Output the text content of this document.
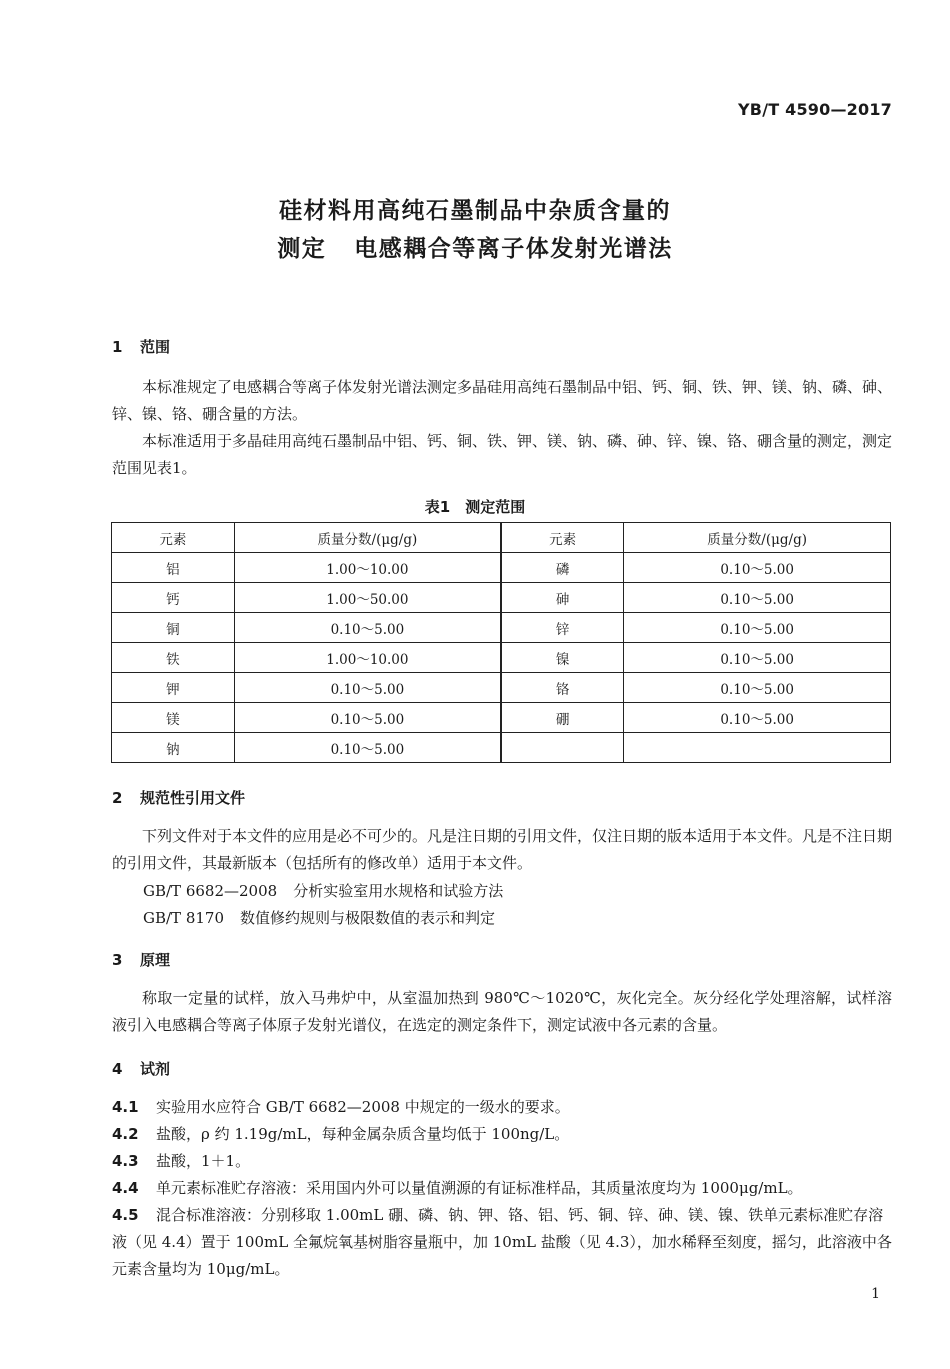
YB/T 4590—2017
硅材料用高纯石墨制品中杂质含量的
测定 电感耦合等离子体发射光谱法
1 范围
本标准规定了电感耦合等离子体发射光谱法测定多晶硅用高纯石墨制品中铝、钙、铜、铁、钾、镁、钠、磷、砷、锌、镍、铬、硼含量的方法。
本标准适用于多晶硅用高纯石墨制品中铝、钙、铜、铁、钾、镁、钠、磷、砷、锌、镍、铬、硼含量的测定，测定范围见表1。
表1　测定范围
元素	质量分数/(μg/g)	元素	质量分数/(μg/g)
铝	1.00～10.00	磷	0.10～5.00
钙	1.00～50.00	砷	0.10～5.00
铜	0.10～5.00	锌	0.10～5.00
铁	1.00～10.00	镍	0.10～5.00
钾	0.10～5.00	铬	0.10～5.00
镁	0.10～5.00	硼	0.10～5.00
钠	0.10～5.00		
2 规范性引用文件
下列文件对于本文件的应用是必不可少的。凡是注日期的引用文件，仅注日期的版本适用于本文件。凡是不注日期的引用文件，其最新版本（包括所有的修改单）适用于本文件。
GB/T 6682—2008 分析实验室用水规格和试验方法
GB/T 8170 数值修约规则与极限数值的表示和判定
3 原理
称取一定量的试样，放入马弗炉中，从室温加热到 980℃～1020℃，灰化完全。灰分经化学处理溶解，试样溶液引入电感耦合等离子体原子发射光谱仪，在选定的测定条件下，测定试液中各元素的含量。
4 试剂
4.1 实验用水应符合 GB/T 6682—2008 中规定的一级水的要求。
4.2 盐酸，ρ 约 1.19g/mL，每种金属杂质含量均低于 100ng/L。
4.3 盐酸，1＋1。
4.4 单元素标准贮存溶液：采用国内外可以量值溯源的有证标准样品，其质量浓度均为 1000μg/mL。
4.5 混合标准溶液：分别移取 1.00mL 硼、磷、钠、钾、铬、铝、钙、铜、锌、砷、镁、镍、铁单元素标准贮存溶液（见 4.4）置于 100mL 全氟烷氧基树脂容量瓶中，加 10mL 盐酸（见 4.3），加水稀释至刻度，摇匀，此溶液中各元素含量均为 10μg/mL。
1
